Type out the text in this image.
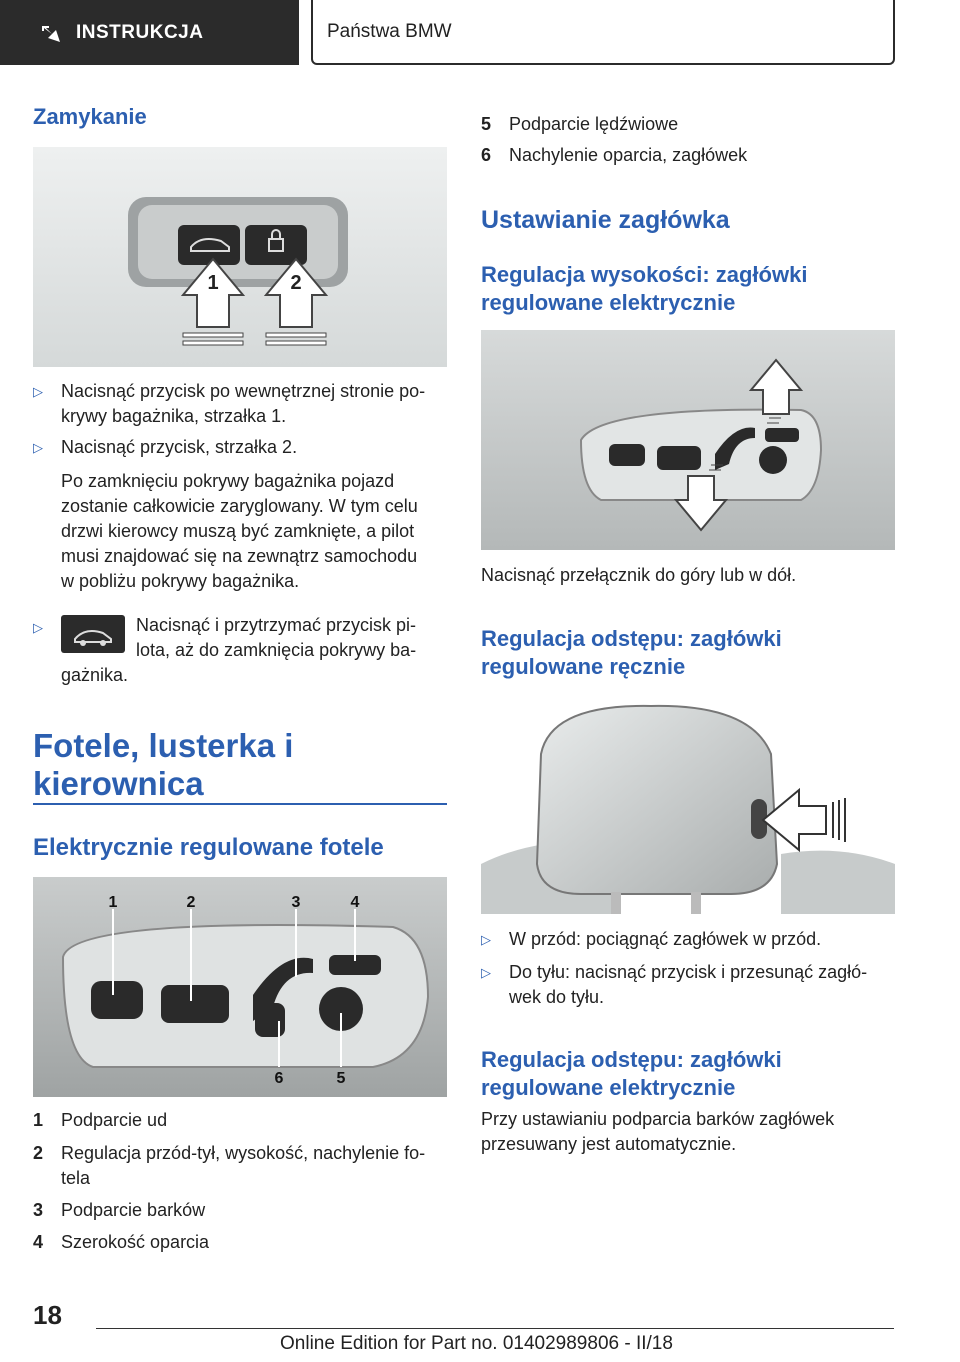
INSTRUKCJA	Państwa BMW
Zamykanie
1	2
▷ Nacisnąć przycisk po wewnętrznej stronie po-
krywy bagażnika, strzałka 1.
▷ Nacisnąć przycisk, strzałka 2.
Po zamknięciu pokrywy bagażnika pojazd
zostanie całkowicie zaryglowany. W tym celu
drzwi kierowcy muszą być zamknięte, a pilot
musi znajdować się na zewnątrz samochodu
w pobliżu pokrywy bagażnika.
▷	Nacisnąć i przytrzymać przycisk pi-
lota, aż do zamknięcia pokrywy ba-
gażnika.
Fotele, lusterka i
kierownica
Elektrycznie regulowane fotele
1	2	3	4
6	5
1 Podparcie ud
2 Regulacja przód-tył, wysokość, nachylenie fo-
tela
3 Podparcie barków
4 Szerokość oparcia
5 Podparcie lędźwiowe
6 Nachylenie oparcia, zagłówek
Ustawianie zagłówka
Regulacja wysokości: zagłówki
regulowane elektrycznie
Nacisnąć przełącznik do góry lub w dół.
Regulacja odstępu: zagłówki
regulowane ręcznie
▷ W przód: pociągnąć zagłówek w przód.
▷ Do tyłu: nacisnąć przycisk i przesunąć zagłó-
wek do tyłu.
Regulacja odstępu: zagłówki
regulowane elektrycznie
Przy ustawianiu podparcia barków zagłówek
przesuwany jest automatycznie.
18
Online Edition for Part no. 01402989806 - II/18
